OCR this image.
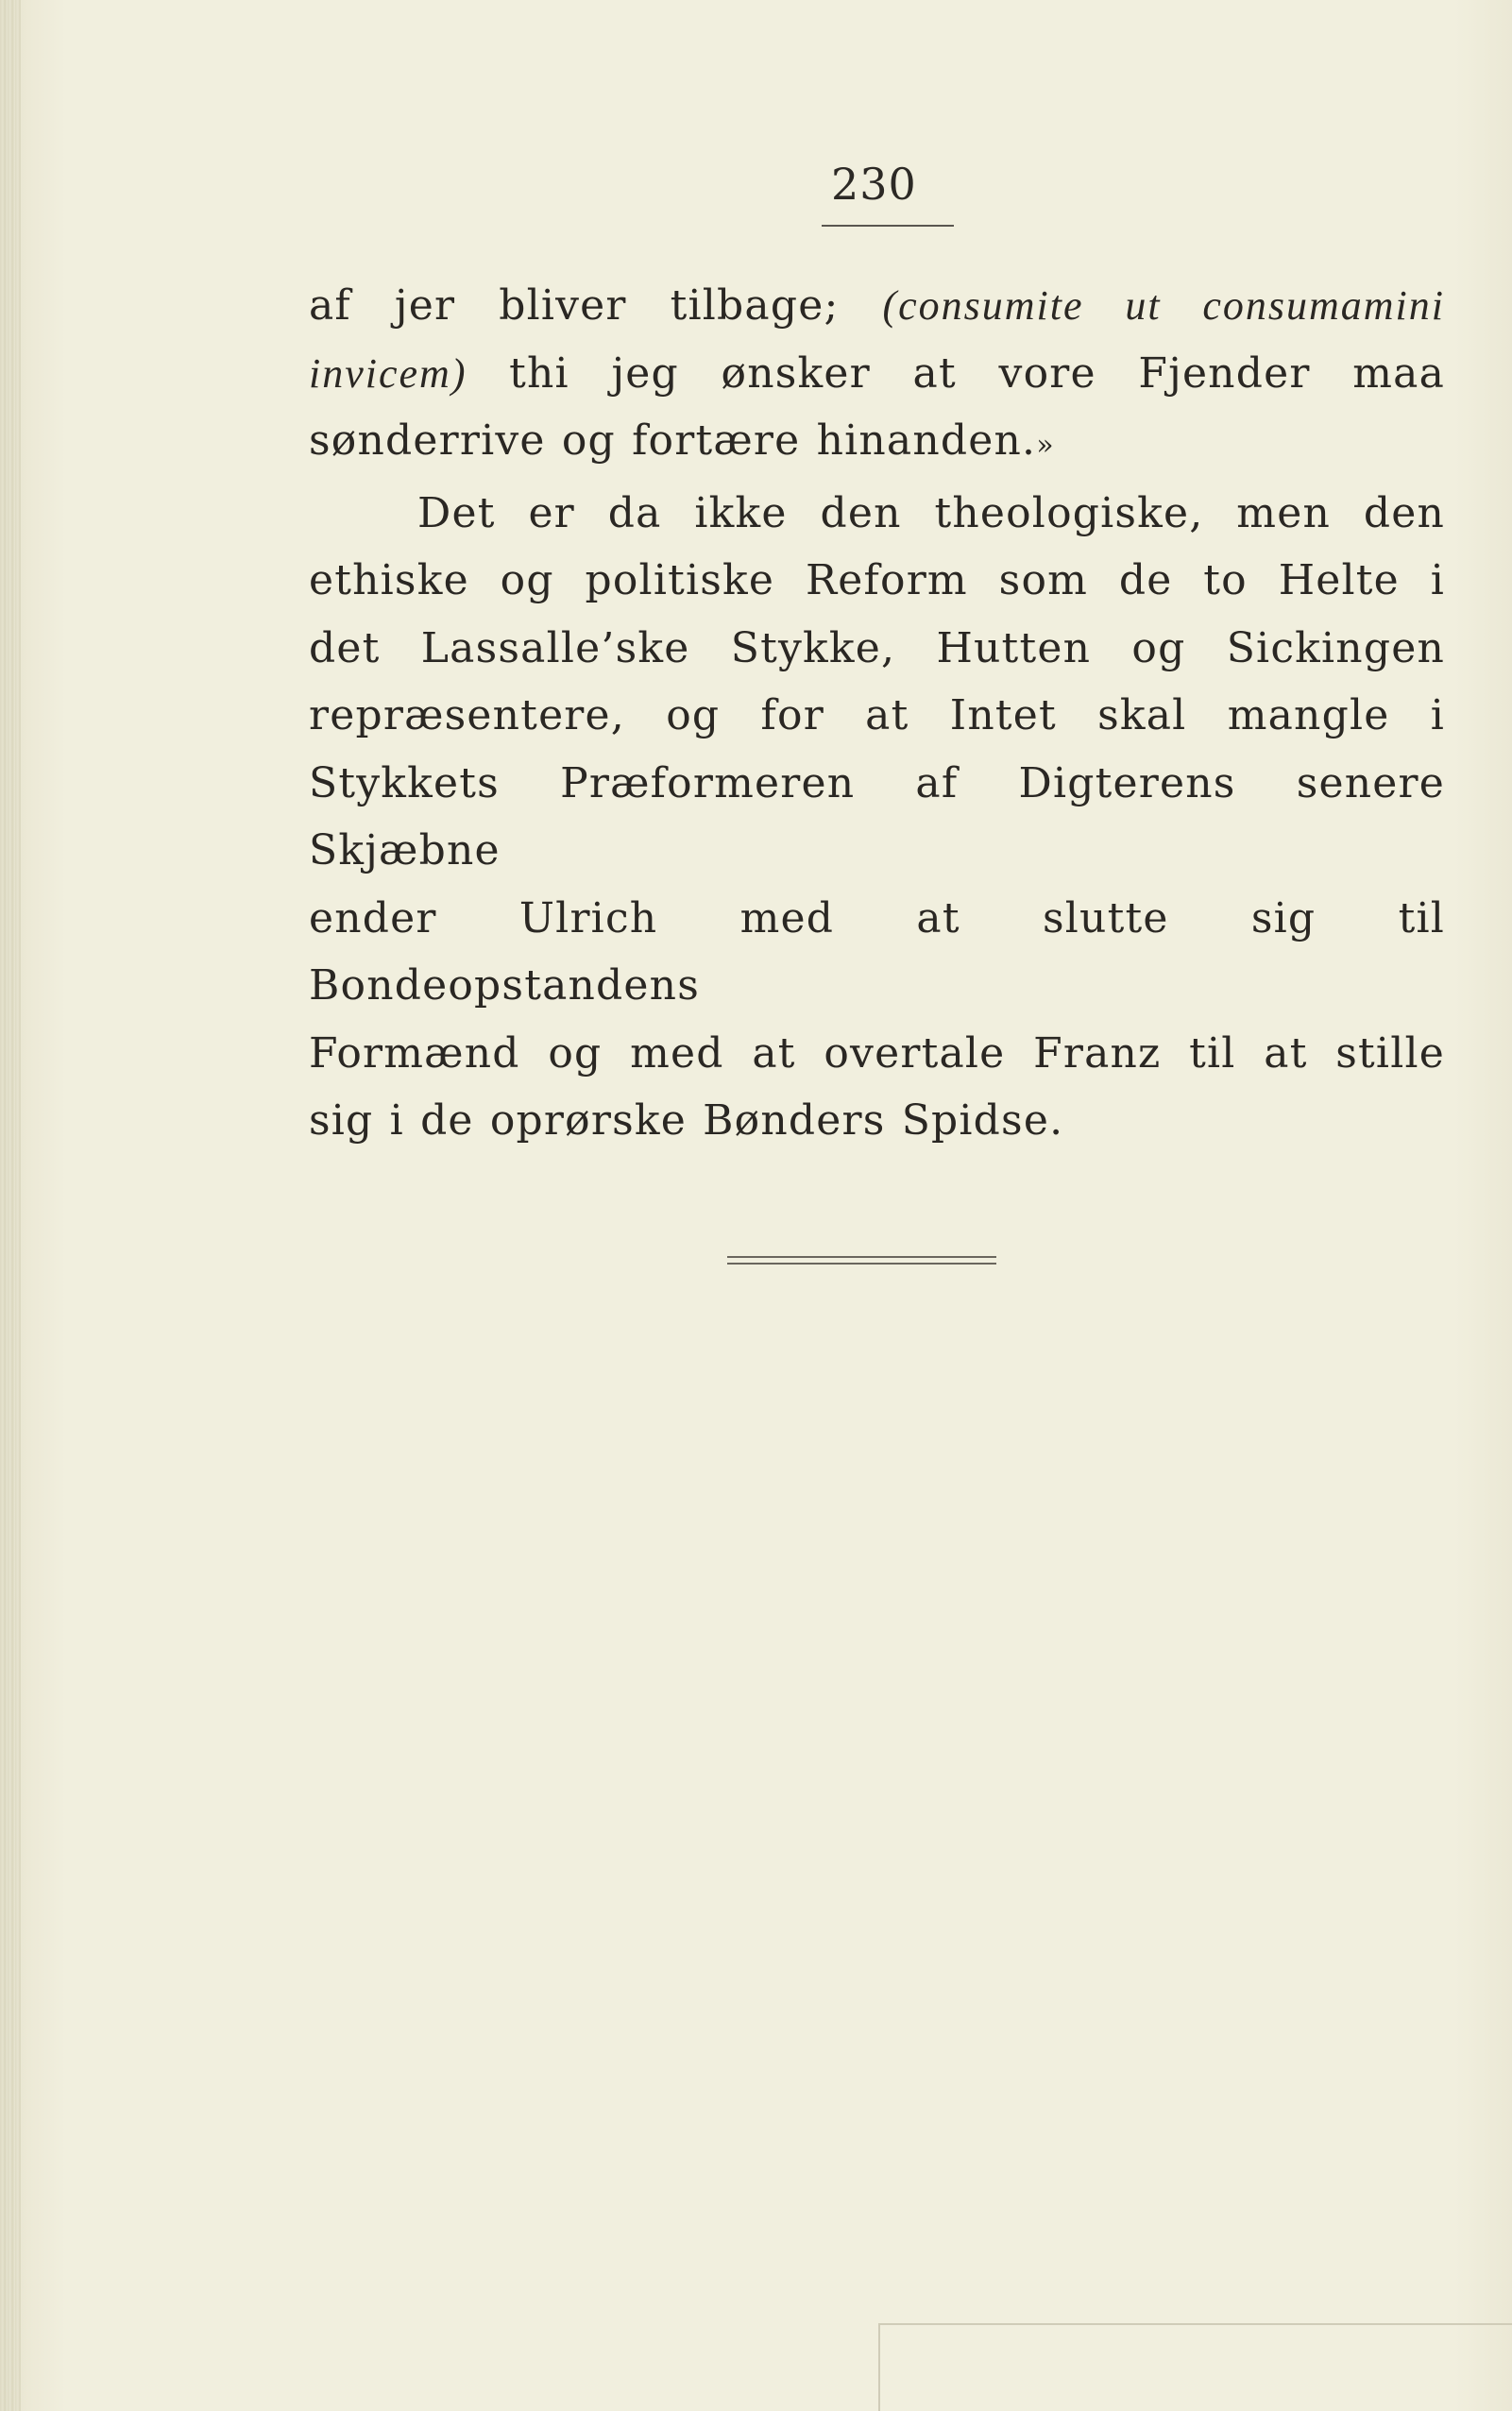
230

af jer bliver tilbage; (consumite ut consumamini

invicem) thi jeg ønsker at vore Fjender maa

sønderrive og fortære hinanden.»

Det er da ikke den theologiske, men den

ethiske og politiske Reform som de to Helte i

det Lassalle’ske Stykke, Hutten og Sickingen

repræsentere, og for at Intet skal mangle i

Stykkets Præformeren af Digterens senere Skjæbne

ender Ulrich med at slutte sig til Bondeopstandens

Formænd og med at overtale Franz til at stille

sig i de oprørske Bønders Spidse.
